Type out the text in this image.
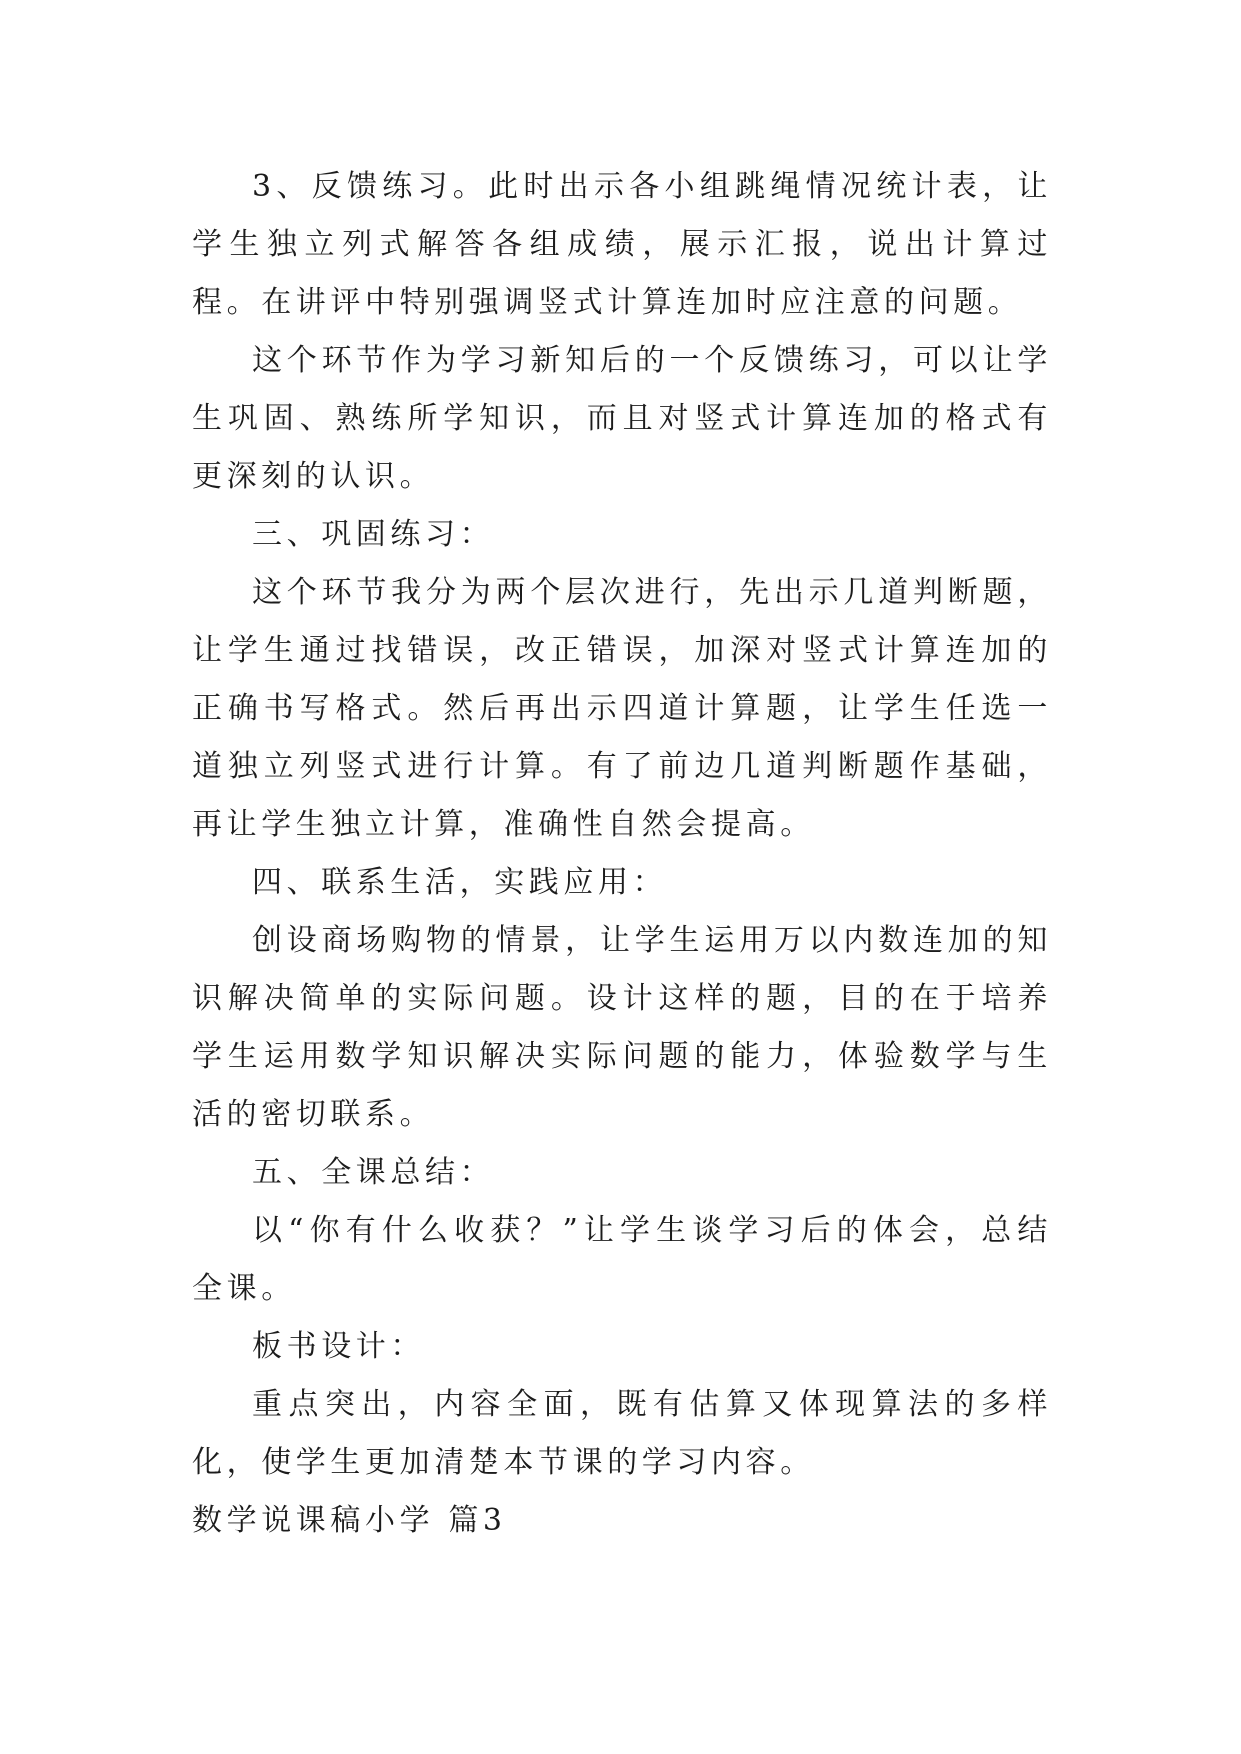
3、反馈练习。此时出示各小组跳绳情况统计表，让学生独立列式解答各组成绩，展示汇报，说出计算过程。在讲评中特别强调竖式计算连加时应注意的问题。

这个环节作为学习新知后的一个反馈练习，可以让学生巩固、熟练所学知识，而且对竖式计算连加的格式有更深刻的认识。

三、巩固练习：

这个环节我分为两个层次进行，先出示几道判断题，让学生通过找错误，改正错误，加深对竖式计算连加的正确书写格式。然后再出示四道计算题，让学生任选一道独立列竖式进行计算。有了前边几道判断题作基础，再让学生独立计算，准确性自然会提高。

四、联系生活，实践应用：

创设商场购物的情景，让学生运用万以内数连加的知识解决简单的实际问题。设计这样的题，目的在于培养学生运用数学知识解决实际问题的能力，体验数学与生活的密切联系。

五、全课总结：

以“你有什么收获？”让学生谈学习后的体会，总结全课。

板书设计：

重点突出，内容全面，既有估算又体现算法的多样化，使学生更加清楚本节课的学习内容。

数学说课稿小学 篇3
